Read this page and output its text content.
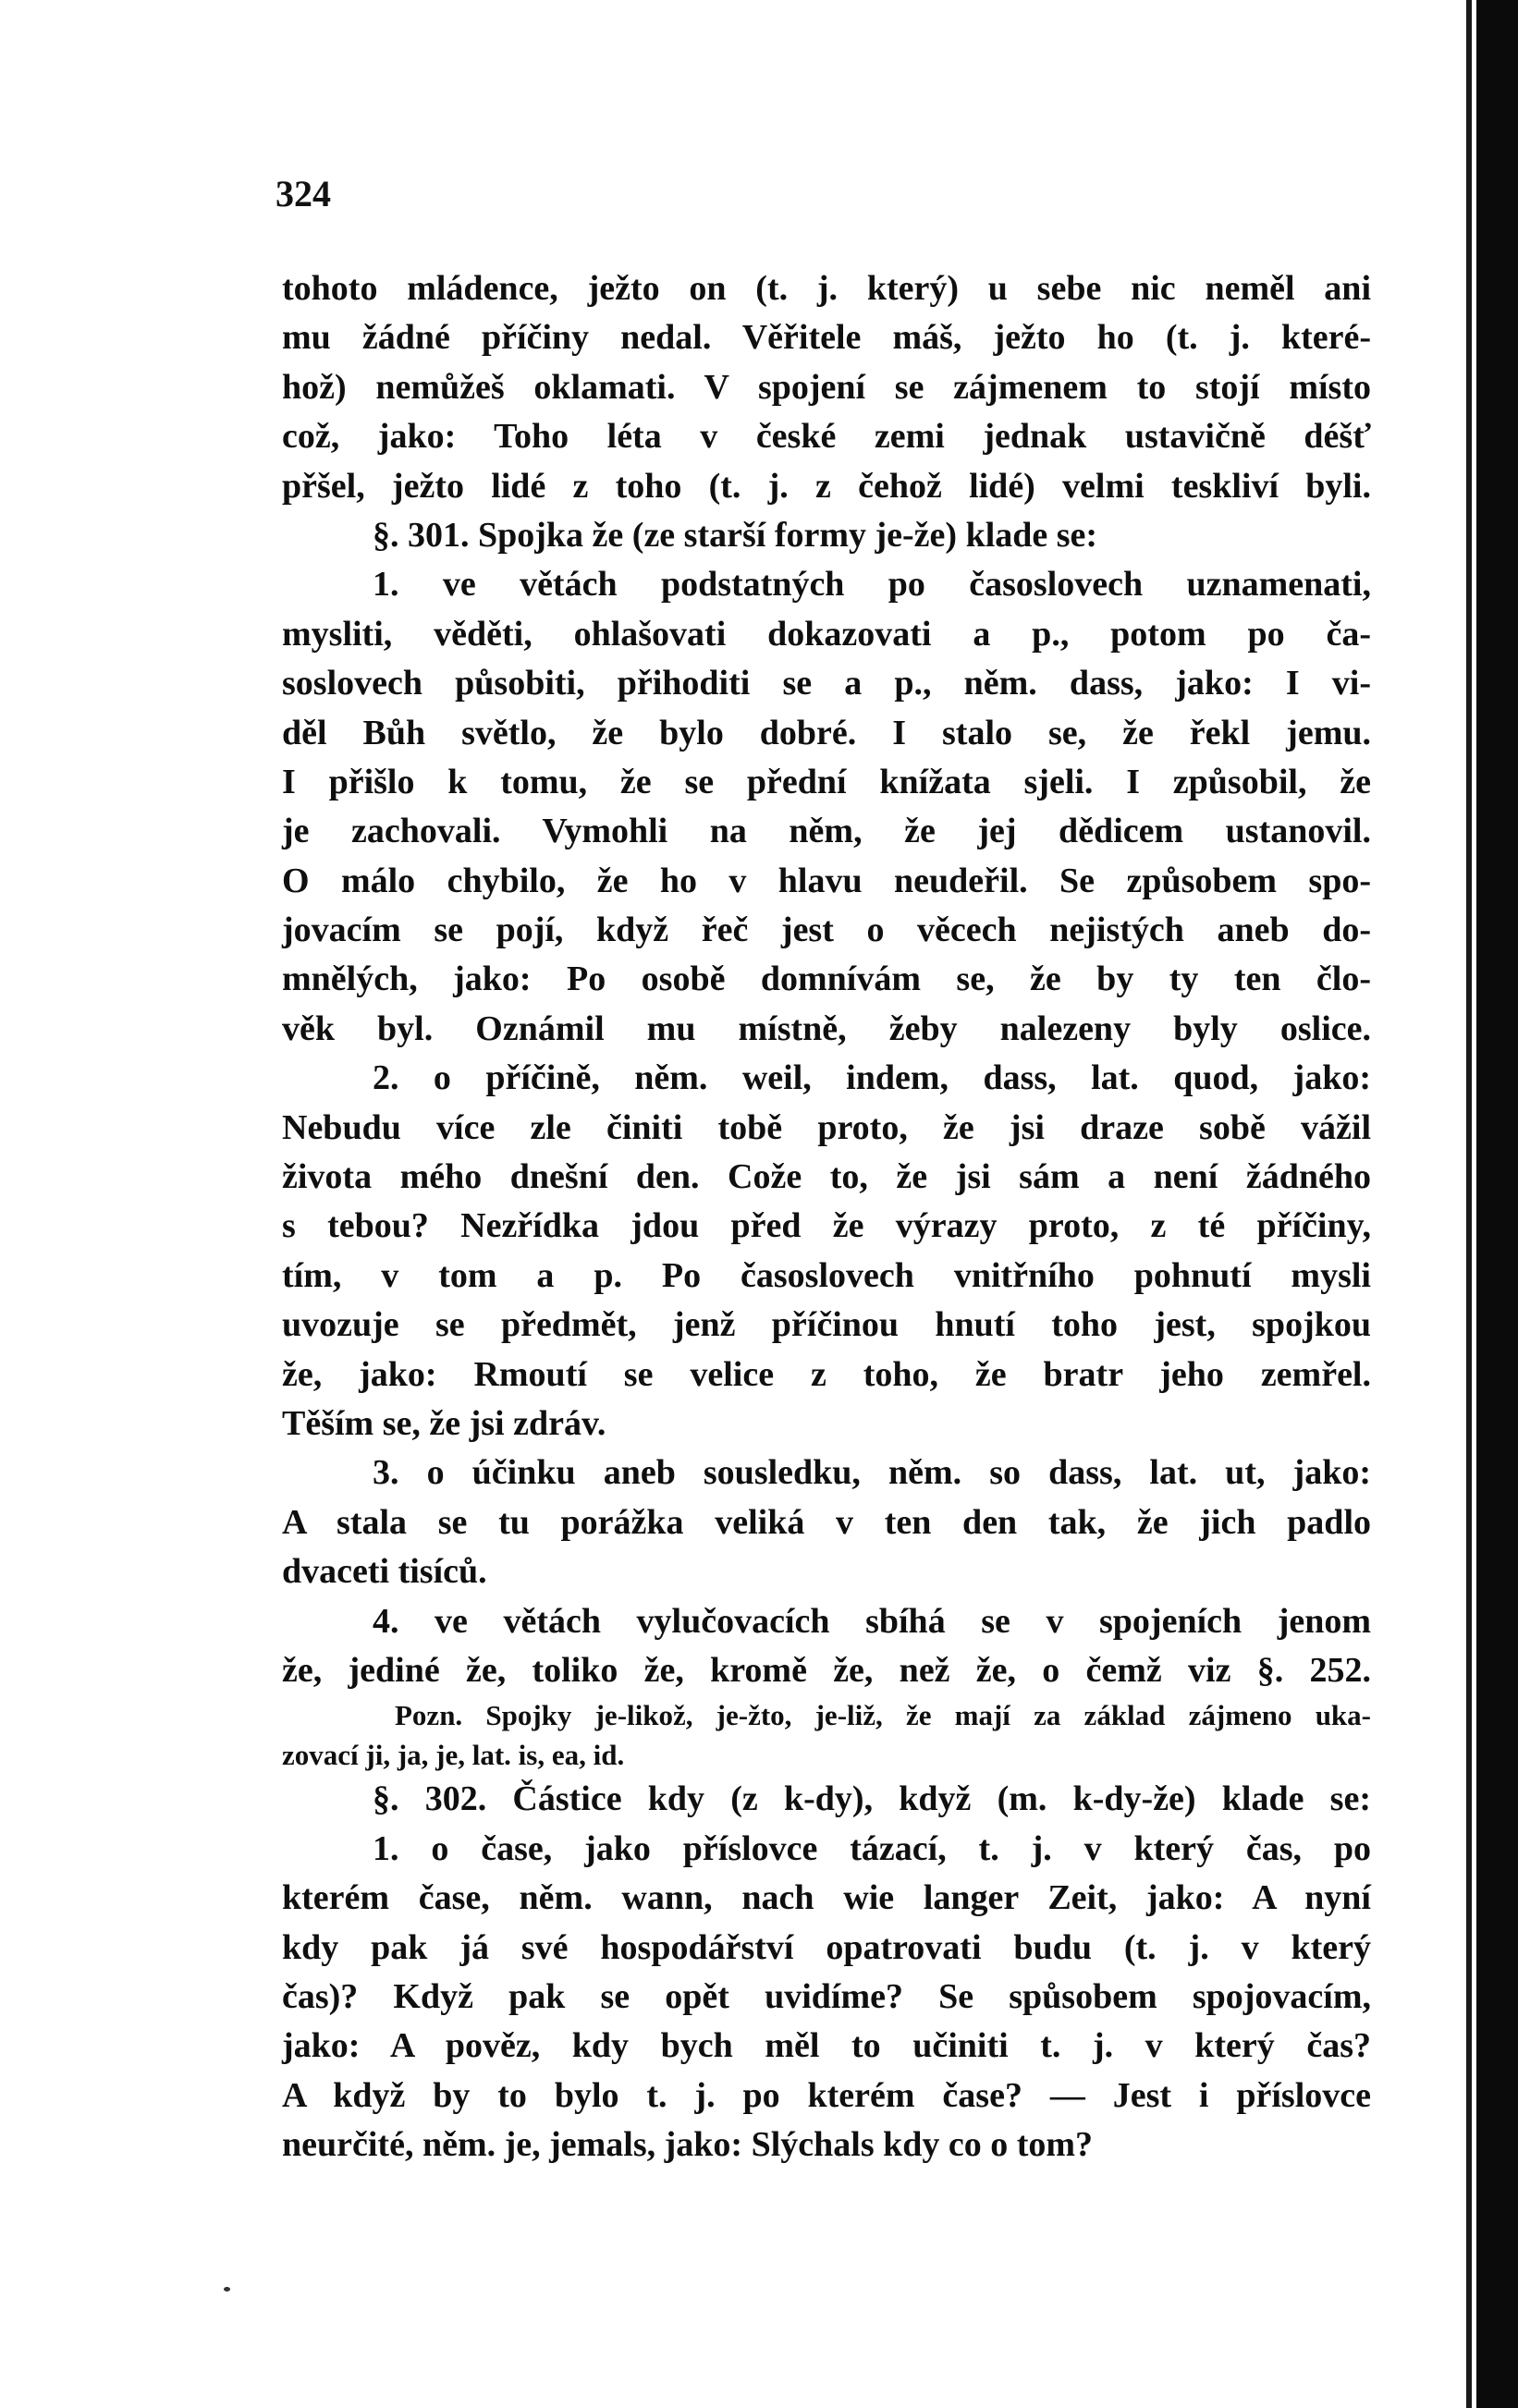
324
tohoto mládence, ježto on (t. j. který) u sebe nic neměl ani
mu žádné příčiny nedal. Věřitele máš, ježto ho (t. j. které-
hož) nemůžeš oklamati. V spojení se zájmenem to stojí místo
což, jako: Toho léta v české zemi jednak ustavičně déšť
přšel, ježto lidé z toho (t. j. z čehož lidé) velmi teskliví byli.
§. 301. Spojka že (ze starší formy je-že) klade se:
1. ve větách podstatných po časoslovech uznamenati,
mysliti, věděti, ohlašovati dokazovati a p., potom po ča-
soslovech působiti, přihoditi se a p., něm. dass, jako: I vi-
děl Bůh světlo, že bylo dobré. I stalo se, že řekl jemu.
I přišlo k tomu, že se přední knížata sjeli. I způsobil, že
je zachovali. Vymohli na něm, že jej dědicem ustanovil.
O málo chybilo, že ho v hlavu neudeřil. Se způsobem spo-
jovacím se pojí, když řeč jest o věcech nejistých aneb do-
mnělých, jako: Po osobě domnívám se, že by ty ten člo-
věk byl. Oznámil mu místně, žeby nalezeny byly oslice.
2. o příčině, něm. weil, indem, dass, lat. quod, jako:
Nebudu více zle činiti tobě proto, že jsi draze sobě vážil
života mého dnešní den. Cože to, že jsi sám a není žádného
s tebou? Nezřídka jdou před že výrazy proto, z té příčiny,
tím, v tom a p. Po časoslovech vnitřního pohnutí mysli
uvozuje se předmět, jenž příčinou hnutí toho jest, spojkou
že, jako: Rmoutí se velice z toho, že bratr jeho zemřel.
Těším se, že jsi zdráv.
3. o účinku aneb sousledku, něm. so dass, lat. ut, jako:
A stala se tu porážka veliká v ten den tak, že jich padlo
dvaceti tisíců.
4. ve větách vylučovacích sbíhá se v spojeních jenom
že, jediné že, toliko že, kromě že, než že, o čemž viz §. 252.
Pozn. Spojky je-likož, je-žto, je-liž, že mají za základ zájmeno uka-
zovací ji, ja, je, lat. is, ea, id.
§. 302. Částice kdy (z k-dy), když (m. k-dy-že) klade se:
1. o čase, jako příslovce tázací, t. j. v který čas, po
kterém čase, něm. wann, nach wie langer Zeit, jako: A nyní
kdy pak já své hospodářství opatrovati budu (t. j. v který
čas)? Když pak se opět uvidíme? Se spůsobem spojovacím,
jako: A pověz, kdy bych měl to učiniti t. j. v který čas?
A když by to bylo t. j. po kterém čase? — Jest i příslovce
neurčité, něm. je, jemals, jako: Slýchals kdy co o tom?
